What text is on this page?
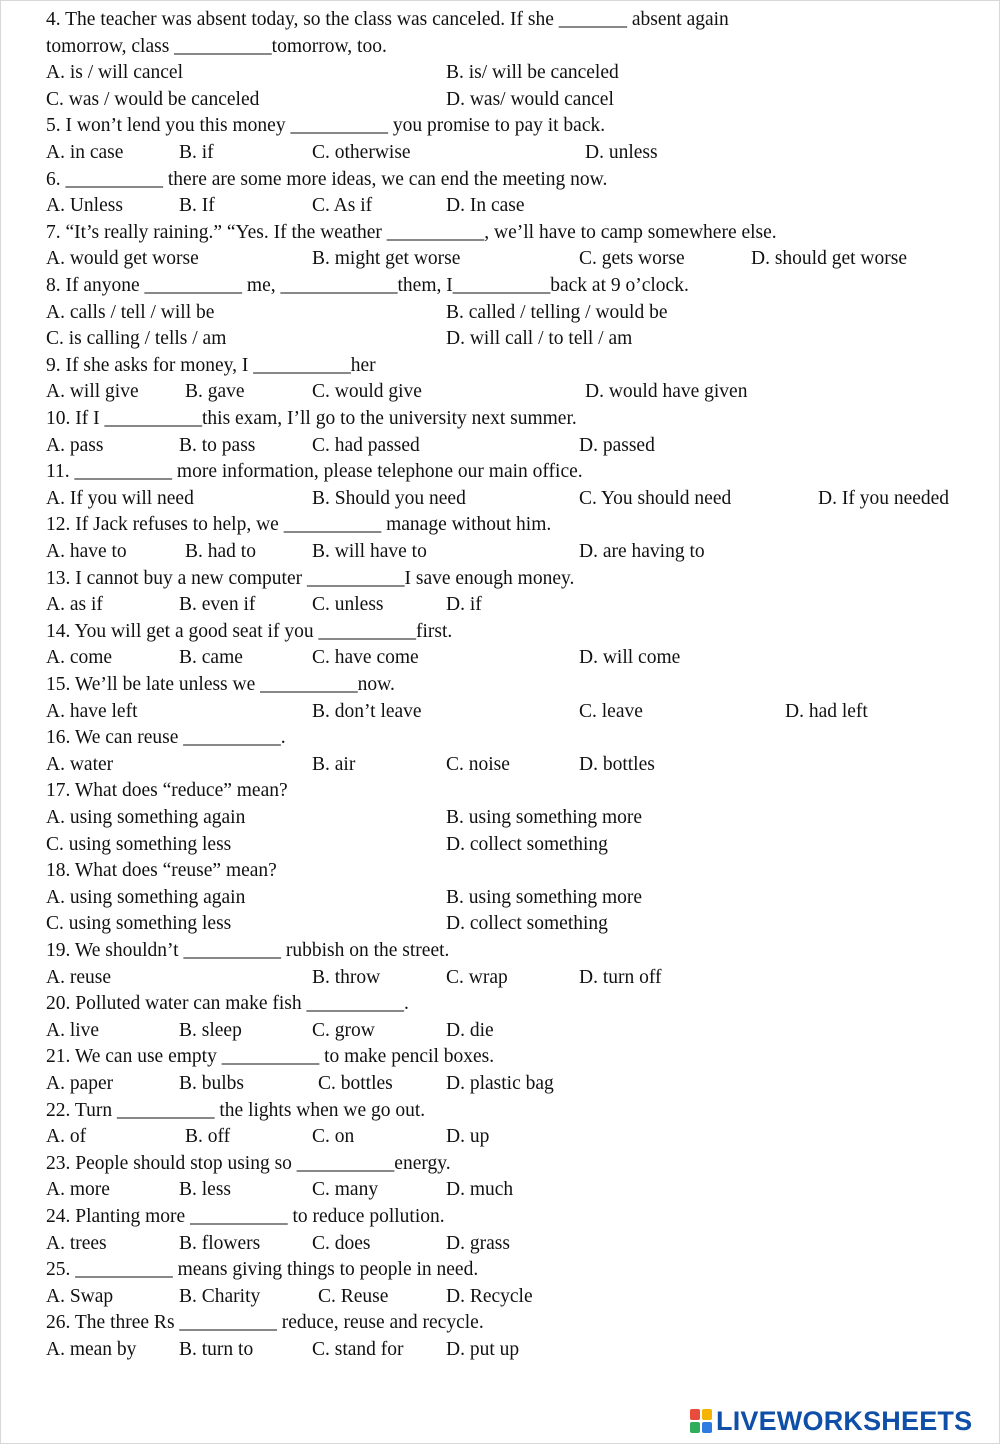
4. The teacher was absent today, so the class was canceled. If she _______ absent again
tomorrow, class __________tomorrow, too.
A. is / will cancel	B. is/ will be canceled
C. was / would be canceled	D. was/ would cancel
5. I won’t lend you this money __________ you promise to pay it back.
A. in case	B. if	C. otherwise	D. unless
6. __________ there are some more ideas, we can end the meeting now.
A. Unless	B. If	C. As if	D. In case
7. “It’s really raining.” “Yes. If the weather __________, we’ll have to camp somewhere else.
A. would get worse	B. might get worse	C. gets worse	D. should get worse
8. If anyone __________ me, ____________them, I__________back at 9 o’clock.
A. calls / tell / will be	B. called / telling / would be
C. is calling / tells / am	D. will call / to tell / am
9. If she asks for money, I __________her
A. will give B. gave	C. would give	D. would have given
10. If I __________this exam, I’ll go to the university next summer.
A. pass	B. to pass	C. had passed	D. passed
11. __________ more information, please telephone our main office.
A. If you will need	B. Should you need	C. You should need	D. If you needed
12. If Jack refuses to help, we __________ manage without him.
A. have to	B. had to	B. will have to	D. are having to
13. I cannot buy a new computer __________I save enough money.
A. as if	B. even if	C. unless	D. if
14. You will get a good seat if you __________first.
A. come	B. came	C. have come	D. will come
15. We’ll be late unless we __________now.
A. have left	B. don’t leave	C. leave	D. had left
16. We can reuse __________.
A. water	B. air	C. noise	D. bottles
17. What does “reduce” mean?
A. using something again	B. using something more
C. using something less	D. collect something
18. What does “reuse” mean?
A. using something again	B. using something more
C. using something less	D. collect something
19. We shouldn’t __________ rubbish on the street.
A. reuse	B. throw	C. wrap	D. turn off
20. Polluted water can make fish __________.
A. live	B. sleep	C. grow	D. die
21. We can use empty __________ to make pencil boxes.
A. paper	B. bulbs	C. bottles	D. plastic bag
22. Turn __________ the lights when we go out.
A. of	B. off	C. on	D. up
23. People should stop using so __________energy.
A. more	B. less	C. many	D. much
24. Planting more __________ to reduce pollution.
A. trees	B. flowers	C. does	D. grass
25. __________ means giving things to people in need.
A. Swap	B. Charity	C. Reuse	D. Recycle
26. The three Rs __________ reduce, reuse and recycle.
A. mean by B. turn to	C. stand for D. put up
LIVEWORKSHEETS
